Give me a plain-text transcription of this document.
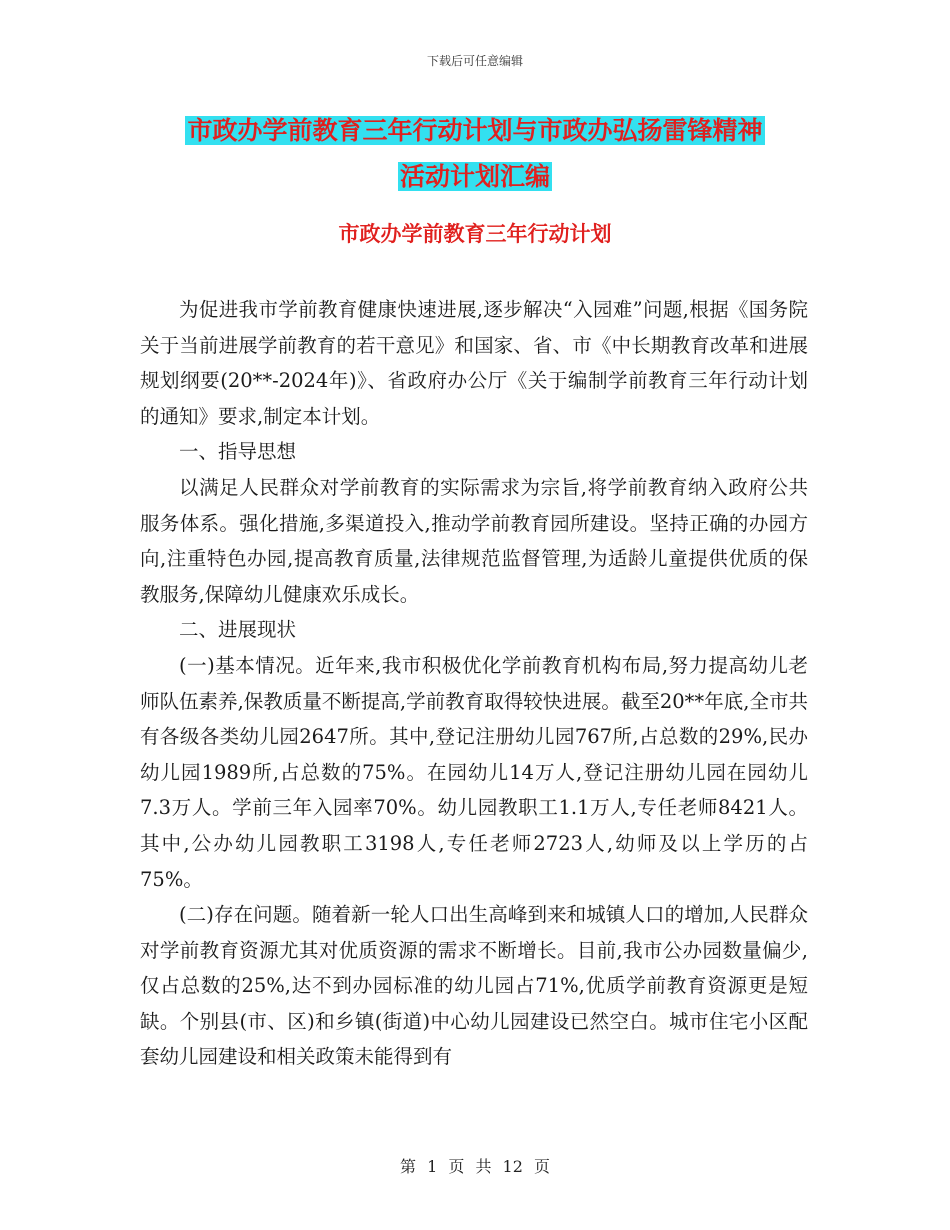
下载后可任意编辑
市政办学前教育三年行动计划与市政办弘扬雷锋精神
活动计划汇编
市政办学前教育三年行动计划

为促进我市学前教育健康快速进展,逐步解决“入园难”问题,根据《国务院关于当前进展学前教育的若干意见》和国家、省、市《中长期教育改革和进展规划纲要(20**-2024年)》、省政府办公厅《关于编制学前教育三年行动计划的通知》要求,制定本计划。

一、指导思想

以满足人民群众对学前教育的实际需求为宗旨,将学前教育纳入政府公共服务体系。强化措施,多渠道投入,推动学前教育园所建设。坚持正确的办园方向,注重特色办园,提高教育质量,法律规范监督管理,为适龄儿童提供优质的保教服务,保障幼儿健康欢乐成长。

二、进展现状

(一)基本情况。近年来,我市积极优化学前教育机构布局,努力提高幼儿老师队伍素养,保教质量不断提高,学前教育取得较快进展。截至20**年底,全市共有各级各类幼儿园2647所。其中,登记注册幼儿园767所,占总数的29%,民办幼儿园1989所,占总数的75%。在园幼儿14万人,登记注册幼儿园在园幼儿7.3万人。学前三年入园率70%。幼儿园教职工1.1万人,专任老师8421人。其中,公办幼儿园教职工3198人,专任老师2723人,幼师及以上学历的占75%。

(二)存在问题。随着新一轮人口出生高峰到来和城镇人口的增加,人民群众对学前教育资源尤其对优质资源的需求不断增长。目前,我市公办园数量偏少,仅占总数的25%,达不到办园标准的幼儿园占71%,优质学前教育资源更是短缺。个别县(市、区)和乡镇(街道)中心幼儿园建设已然空白。城市住宅小区配套幼儿园建设和相关政策未能得到有

第 1 页 共 12 页
